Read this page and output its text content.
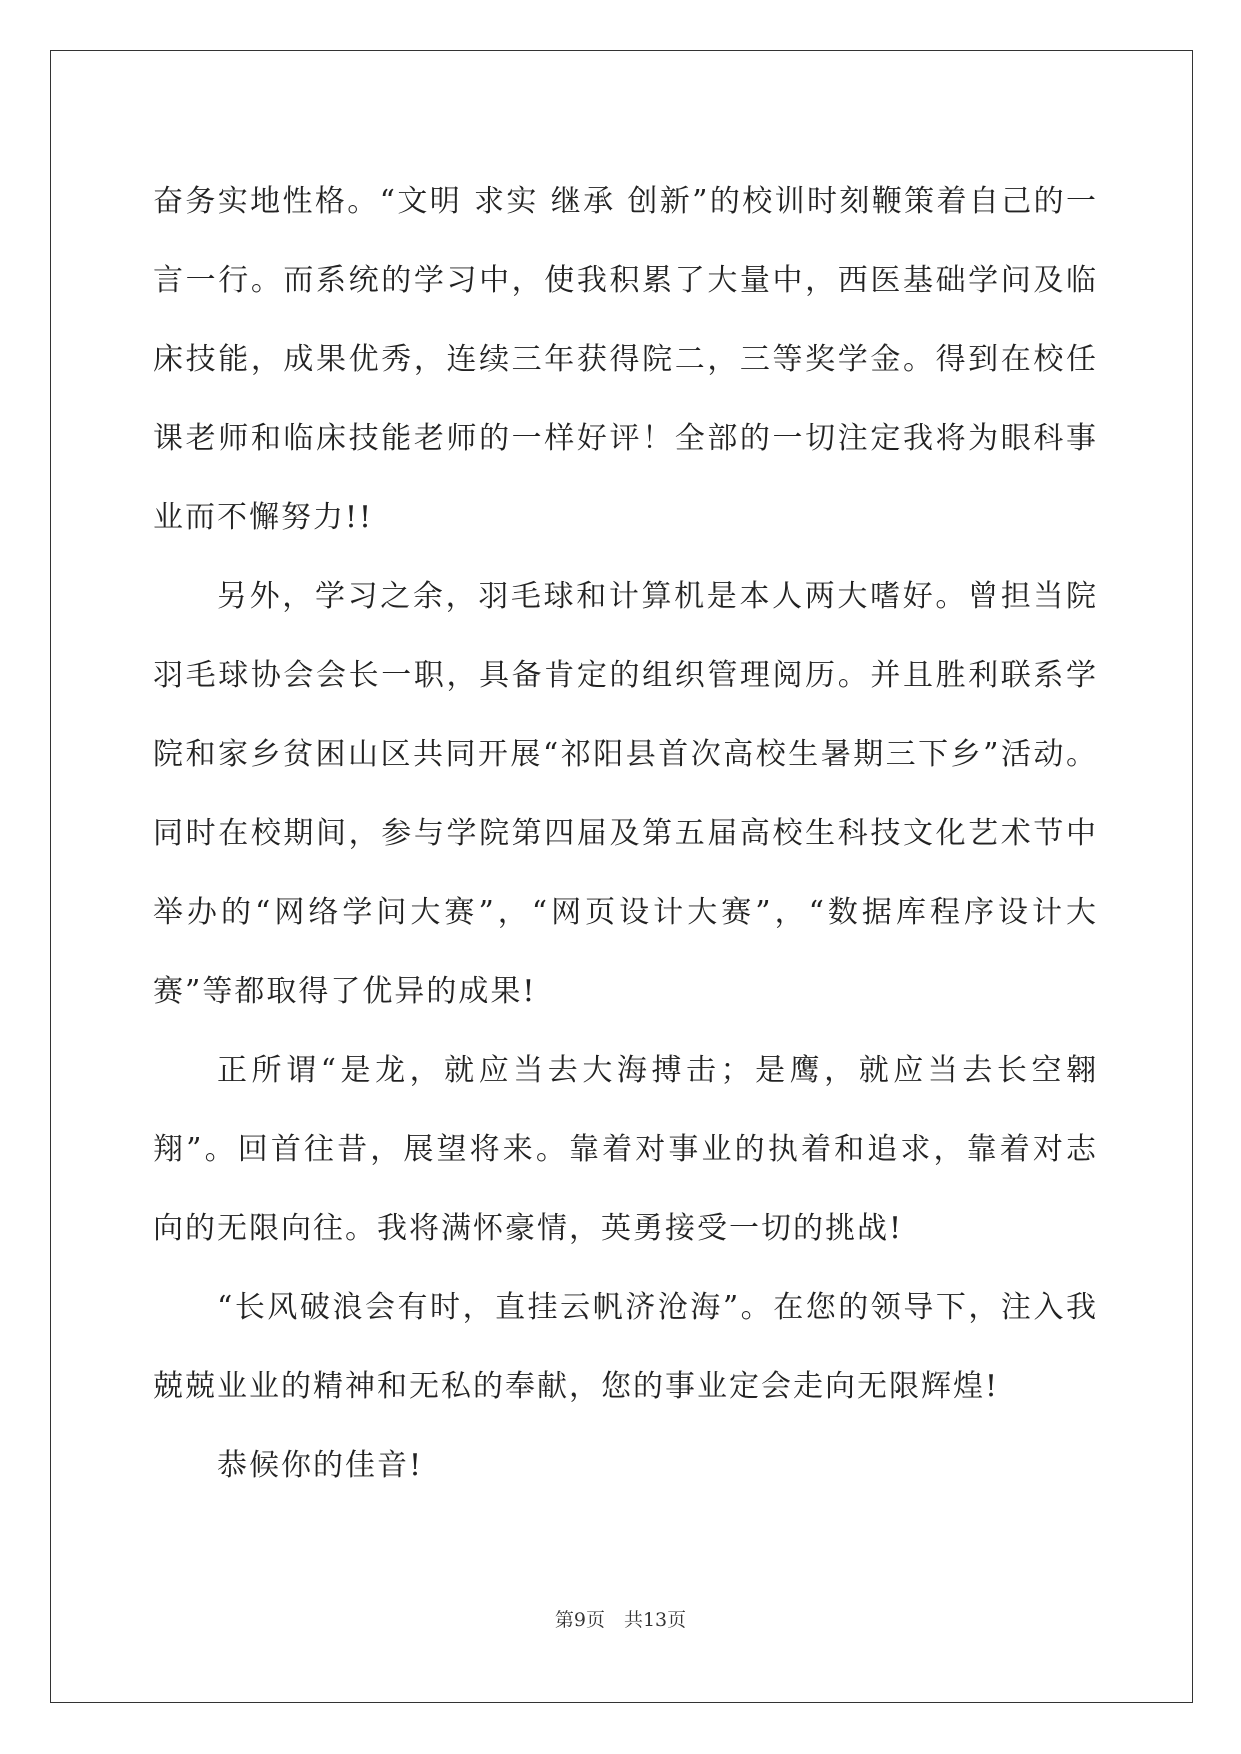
奋务实地性格。“文明 求实 继承 创新”的校训时刻鞭策着自己的一言一行。而系统的学习中，使我积累了大量中，西医基础学问及临床技能，成果优秀，连续三年获得院二，三等奖学金。得到在校任课老师和临床技能老师的一样好评！全部的一切注定我将为眼科事业而不懈努力!!

另外，学习之余，羽毛球和计算机是本人两大嗜好。曾担当院羽毛球协会会长一职，具备肯定的组织管理阅历。并且胜利联系学院和家乡贫困山区共同开展“祁阳县首次高校生暑期三下乡”活动。同时在校期间，参与学院第四届及第五届高校生科技文化艺术节中举办的“网络学问大赛”，“网页设计大赛”，“数据库程序设计大赛”等都取得了优异的成果!

正所谓“是龙，就应当去大海搏击；是鹰，就应当去长空翱翔”。回首往昔，展望将来。靠着对事业的执着和追求，靠着对志向的无限向往。我将满怀豪情，英勇接受一切的挑战!

“长风破浪会有时，直挂云帆济沧海”。在您的领导下，注入我兢兢业业的精神和无私的奉献，您的事业定会走向无限辉煌!

恭候你的佳音!

第9页　共13页
